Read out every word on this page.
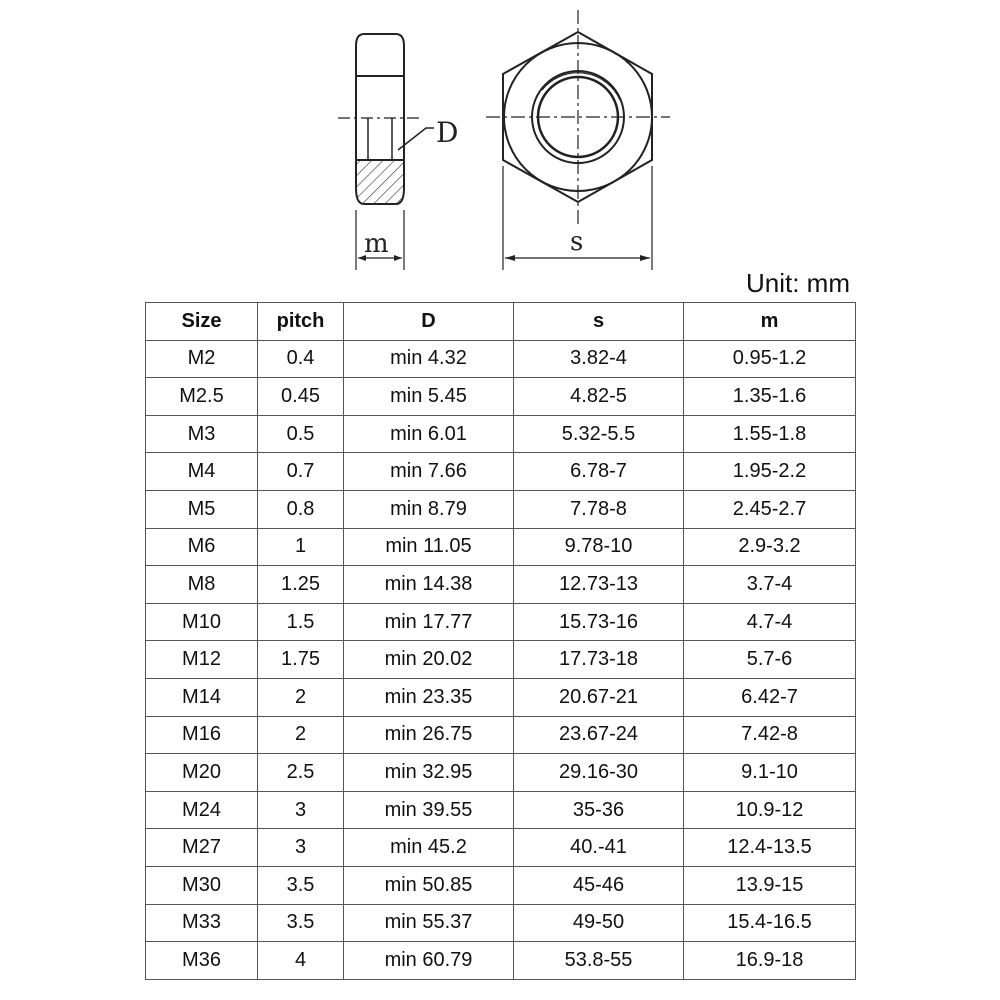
D
m	s
Unit: mm
Size	pitch	D	s	m
M2	0.4	min 4.32	3.82-4	0.95-1.2
M2.5	0.45	min 5.45	4.82-5	1.35-1.6
M3	0.5	min 6.01	5.32-5.5	1.55-1.8
M4	0.7	min 7.66	6.78-7	1.95-2.2
M5	0.8	min 8.79	7.78-8	2.45-2.7
M6	1	min 11.05	9.78-10	2.9-3.2
M8	1.25	min 14.38	12.73-13	3.7-4
M10	1.5	min 17.77	15.73-16	4.7-4
M12	1.75	min 20.02	17.73-18	5.7-6
M14	2	min 23.35	20.67-21	6.42-7
M16	2	min 26.75	23.67-24	7.42-8
M20	2.5	min 32.95	29.16-30	9.1-10
M24	3	min 39.55	35-36	10.9-12
M27	3	min 45.2	40.-41	12.4-13.5
M30	3.5	min 50.85	45-46	13.9-15
M33	3.5	min 55.37	49-50	15.4-16.5
M36	4	min 60.79	53.8-55	16.9-18
